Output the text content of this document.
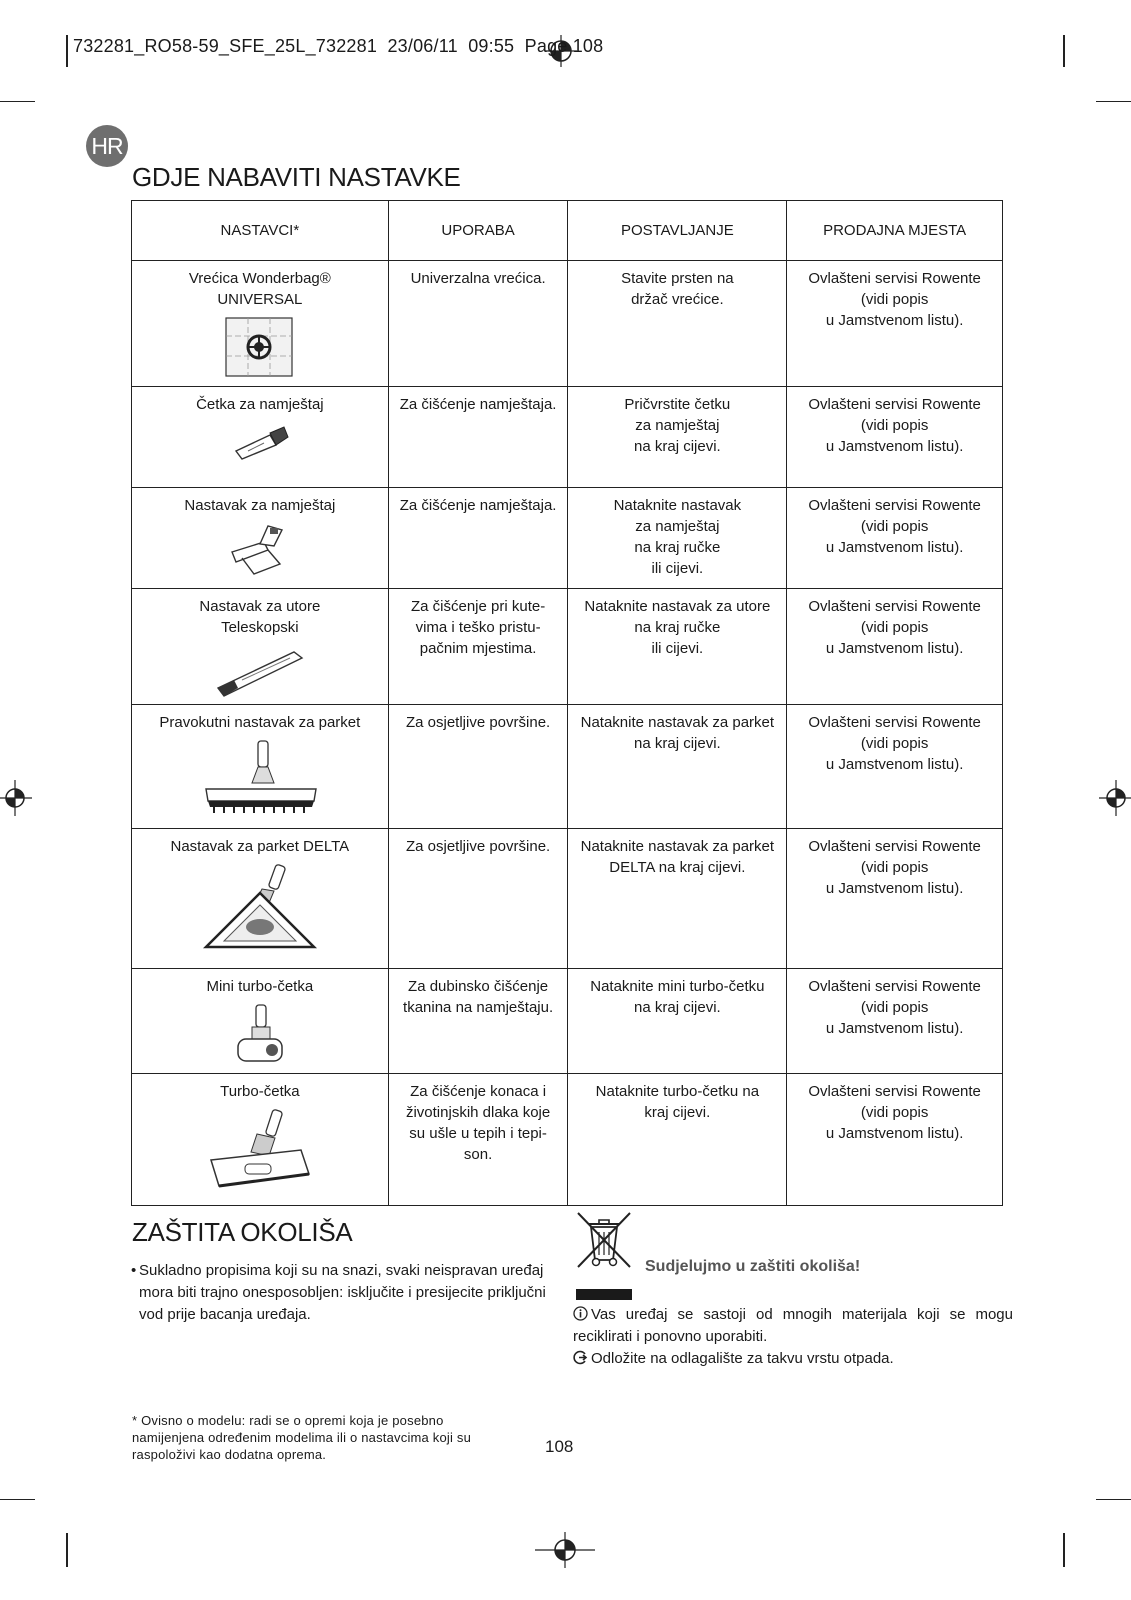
732281_RO58-59_SFE_25L_732281 23/06/11 09:55 Page 108
HR
GDJE NABAVITI NASTAVKE
NASTAVCI*	UPORABA	POSTAVLJANJE	PRODAJNA MJESTA

Vrećica Wonderbag®
UNIVERSAL	Univerzalna vrećica.	Stavite prsten na
držač vrećice.	Ovlašteni servisi Rowente
(vidi popis
u Jamstvenom listu).

Četka za namještaj	Za čišćenje namještaja.	Pričvrstite četku
za namještaj
na kraj cijevi.	Ovlašteni servisi Rowente
(vidi popis
u Jamstvenom listu).

Nastavak za namještaj	Za čišćenje namještaja.	Nataknite nastavak
za namještaj
na kraj ručke
ili cijevi.	Ovlašteni servisi Rowente
(vidi popis
u Jamstvenom listu).

Nastavak za utore
Teleskopski	Za čišćenje pri kute-
vima i teško pristu-
pačnim mjestima.	Nataknite nastavak za utore
na kraj ručke
ili cijevi.	Ovlašteni servisi Rowente
(vidi popis
u Jamstvenom listu).

Pravokutni nastavak za parket	Za osjetljive površine.	Nataknite nastavak za parket
na kraj cijevi.	Ovlašteni servisi Rowente
(vidi popis
u Jamstvenom listu).

Nastavak za parket DELTA	Za osjetljive površine.	Nataknite nastavak za parket
DELTA na kraj cijevi.	Ovlašteni servisi Rowente
(vidi popis
u Jamstvenom listu).

Mini turbo-četka	Za dubinsko čišćenje
tkanina na namještaju.	Nataknite mini turbo-četku
na kraj cijevi.	Ovlašteni servisi Rowente
(vidi popis
u Jamstvenom listu).

Turbo-četka	Za čišćenje konaca i
životinjskih dlaka koje
su ušle u tepih i tepi-
son.	Nataknite turbo-četku na
kraj cijevi.	Ovlašteni servisi Rowente
(vidi popis
u Jamstvenom listu).
ZAŠTITA OKOLIŠA
• Sukladno propisima koji su na snazi, svaki neispravan uređaj mora biti trajno onesposobljen: isključite i presijecite priključni vod prije bacanja uređaja.
Sudjelujmo u zaštiti okoliša!
Vas uređaj se sastoji od mnogih materijala koji se mogu reciklirati i ponovno uporabiti.
Odložite na odlagalište za takvu vrstu otpada.
* Ovisno o modelu: radi se o opremi koja je posebno namijenjena određenim modelima ili o nastavcima koji su raspoloživi kao dodatna oprema.	108
